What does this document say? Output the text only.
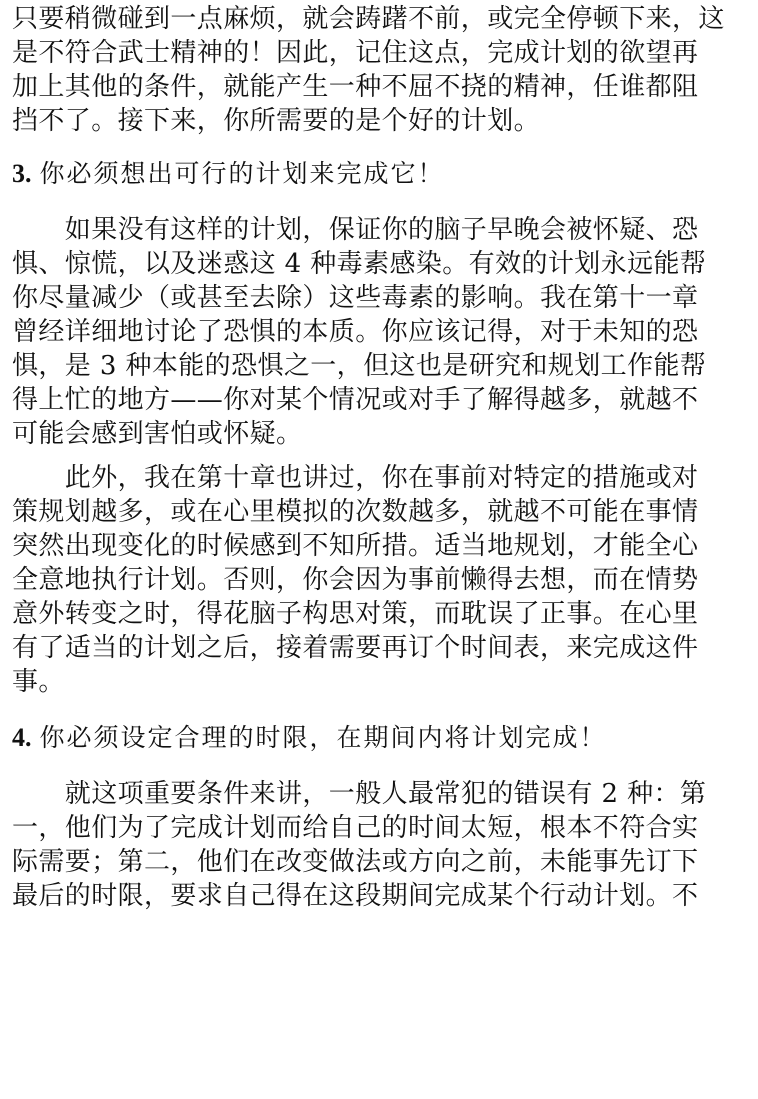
只要稍微碰到一点麻烦，就会踌躇不前，或完全停顿下来，这
是不符合武士精神的！因此，记住这点，完成计划的欲望再
加上其他的条件，就能产生一种不屈不挠的精神，任谁都阻
挡不了。接下来，你所需要的是个好的计划。
3. 你必须想出可行的计划来完成它！
　　如果没有这样的计划，保证你的脑子早晚会被怀疑、恐
惧、惊慌，以及迷惑这 4 种毒素感染。有效的计划永远能帮
你尽量减少（或甚至去除）这些毒素的影响。我在第十一章
曾经详细地讨论了恐惧的本质。你应该记得，对于未知的恐
惧，是 3 种本能的恐惧之一，但这也是研究和规划工作能帮
得上忙的地方——你对某个情况或对手了解得越多，就越不
可能会感到害怕或怀疑。
　　此外，我在第十章也讲过，你在事前对特定的措施或对
策规划越多，或在心里模拟的次数越多，就越不可能在事情
突然出现变化的时候感到不知所措。适当地规划，才能全心
全意地执行计划。否则，你会因为事前懒得去想，而在情势
意外转变之时，得花脑子构思对策，而耽误了正事。在心里
有了适当的计划之后，接着需要再订个时间表，来完成这件
事。
4. 你必须设定合理的时限，在期间内将计划完成！
　　就这项重要条件来讲，一般人最常犯的错误有 2 种：第
一，他们为了完成计划而给自己的时间太短，根本不符合实
际需要；第二，他们在改变做法或方向之前，未能事先订下
最后的时限，要求自己得在这段期间完成某个行动计划。不
